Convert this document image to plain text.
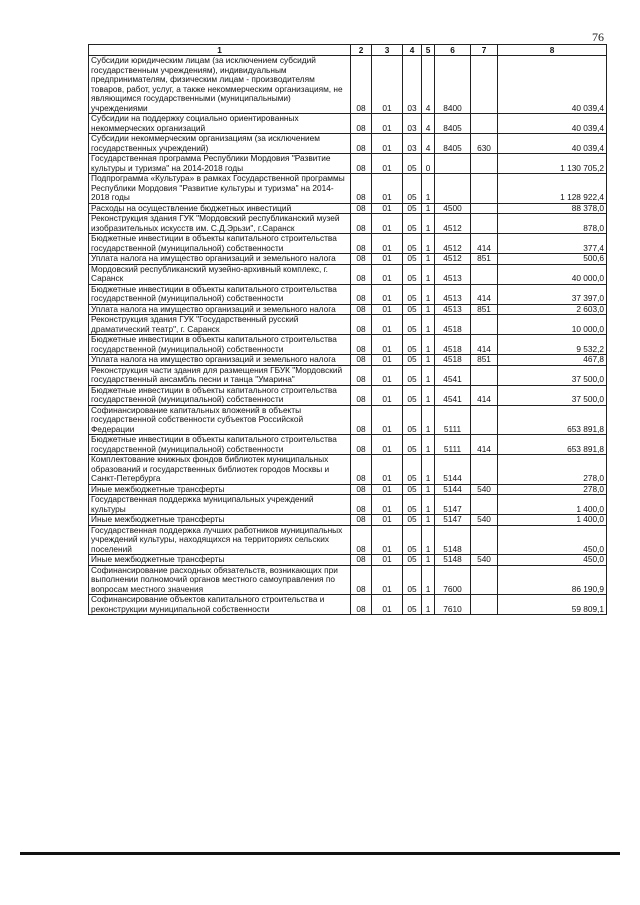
76
1	2	3	4	5	6	7	8
Субсидии юридическим лицам (за исключением субсидий государственным учреждениям), индивидуальным предпринимателям, физическим лицам - производителям товаров, работ, услуг, а также некоммерческим организациям, не являющимся государственными (муниципальными) учреждениями	08	01	03	4	8400		40 039,4
Субсидии на поддержку социально ориентированных некоммерческих организаций	08	01	03	4	8405		40 039,4
Субсидии некоммерческим организациям (за исключением государственных учреждений)	08	01	03	4	8405	630	40 039,4
Государственная программа Республики Мордовия "Развитие культуры и туризма" на 2014-2018 годы	08	01	05	0			1 130 705,2
Подпрограмма «Культура» в рамках Государственной программы Республики Мордовия "Развитие культуры и туризма" на 2014-2018 годы	08	01	05	1			1 128 922,4
Расходы на осуществление бюджетных инвестиций	08	01	05	1	4500		88 378,0
Реконструкция здания ГУК "Мордовский республиканский музей изобразительных искусств им. С.Д.Эрьзи", г.Саранск	08	01	05	1	4512		878,0
Бюджетные инвестиции в объекты капитального строительства государственной (муниципальной) собственности	08	01	05	1	4512	414	377,4
Уплата налога на имущество организаций и земельного налога	08	01	05	1	4512	851	500,6
Мордовский республиканский музейно-архивный комплекс, г. Саранск	08	01	05	1	4513		40 000,0
Бюджетные инвестиции в объекты капитального строительства государственной (муниципальной) собственности	08	01	05	1	4513	414	37 397,0
Уплата налога на имущество организаций и земельного налога	08	01	05	1	4513	851	2 603,0
Реконструкция здания ГУК "Государственный русский драматический театр", г. Саранск	08	01	05	1	4518		10 000,0
Бюджетные инвестиции в объекты капитального строительства государственной (муниципальной) собственности	08	01	05	1	4518	414	9 532,2
Уплата налога на имущество организаций и земельного налога	08	01	05	1	4518	851	467,8
Реконструкция части здания для размещения ГБУК "Мордовский государственный ансамбль песни и танца "Умарина"	08	01	05	1	4541		37 500,0
Бюджетные инвестиции в объекты капитального строительства государственной (муниципальной) собственности	08	01	05	1	4541	414	37 500,0
Софинансирование капитальных вложений в объекты государственной собственности субъектов Российской Федерации	08	01	05	1	5111		653 891,8
Бюджетные инвестиции в объекты капитального строительства государственной (муниципальной) собственности	08	01	05	1	5111	414	653 891,8
Комплектование книжных фондов библиотек муниципальных образований и государственных библиотек городов Москвы и Санкт-Петербурга	08	01	05	1	5144		278,0
Иные межбюджетные трансферты	08	01	05	1	5144	540	278,0
Государственная поддержка муниципальных учреждений культуры	08	01	05	1	5147		1 400,0
Иные межбюджетные трансферты	08	01	05	1	5147	540	1 400,0
Государственная поддержка лучших работников муниципальных учреждений культуры, находящихся на территориях сельских поселений	08	01	05	1	5148		450,0
Иные межбюджетные трансферты	08	01	05	1	5148	540	450,0
Софинансирование расходных обязательств, возникающих при выполнении полномочий органов местного самоуправления по вопросам местного значения	08	01	05	1	7600		86 190,9
Софинансирование объектов капитального строительства и реконструкции муниципальной собственности	08	01	05	1	7610		59 809,1
